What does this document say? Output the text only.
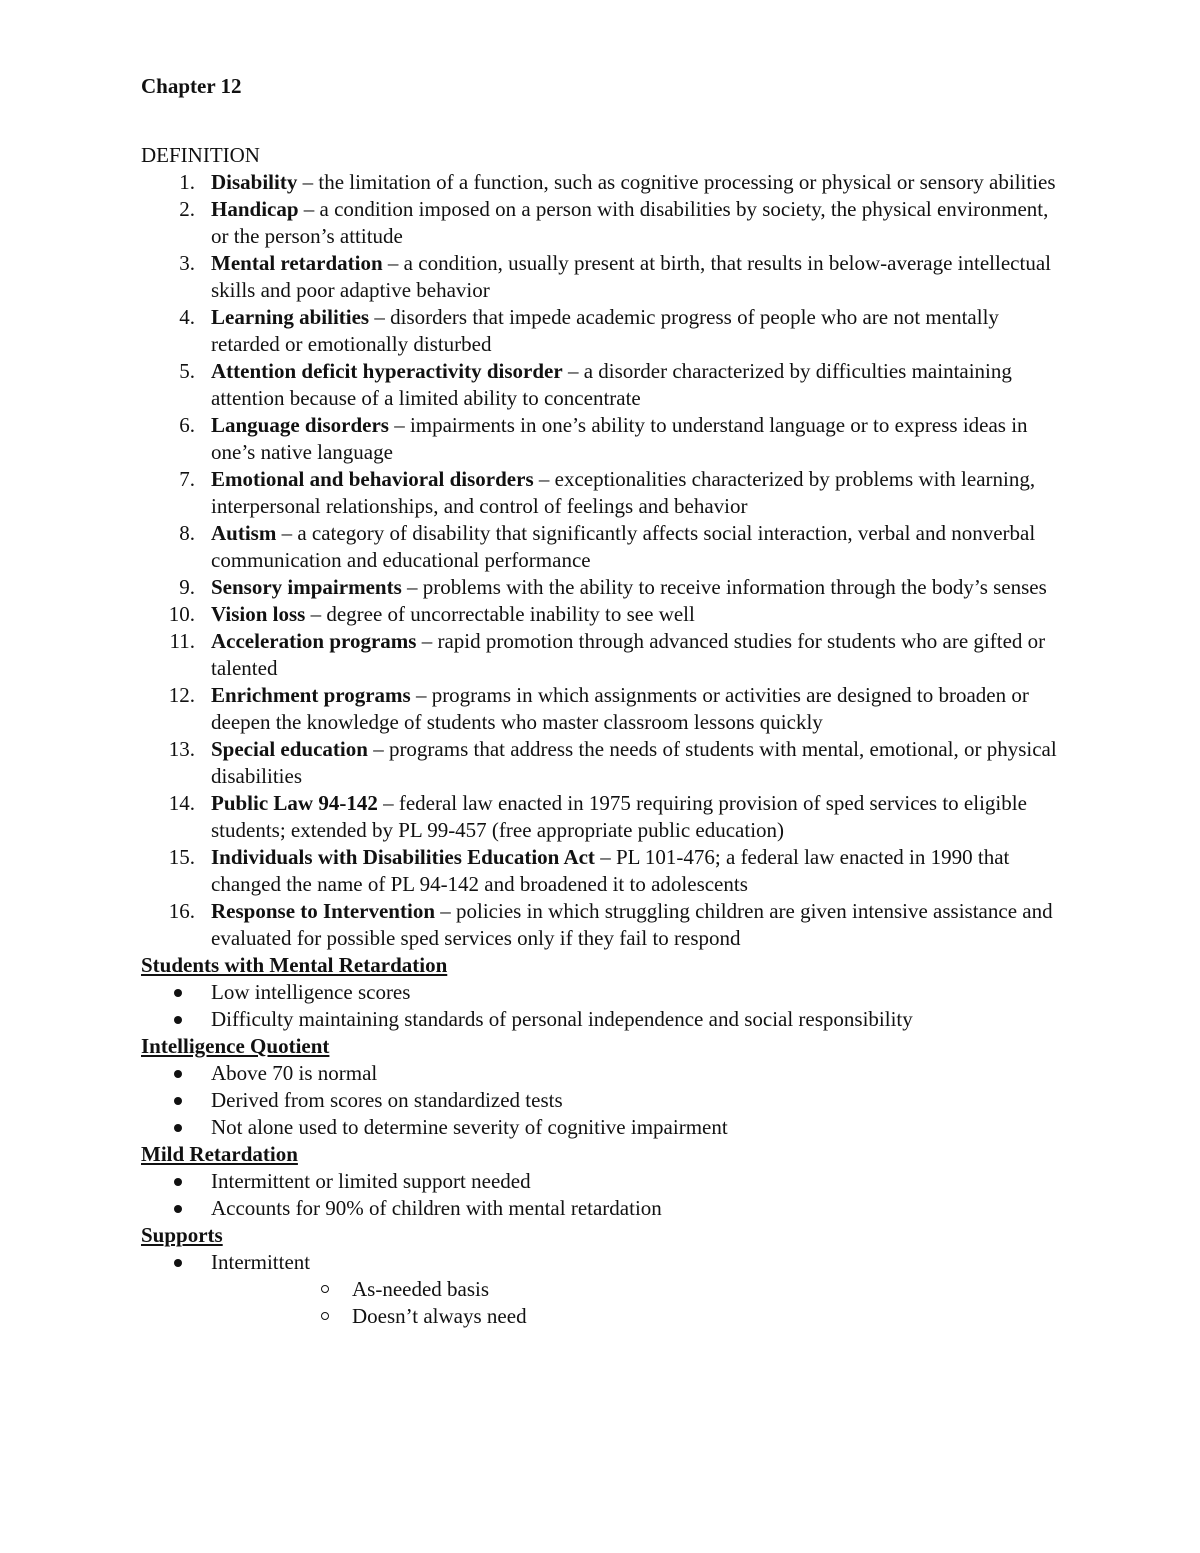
Chapter 12

DEFINITION

1. Disability – the limitation of a function, such as cognitive processing or physical or sensory abilities
2. Handicap – a condition imposed on a person with disabilities by society, the physical environment, or the person’s attitude
3. Mental retardation – a condition, usually present at birth, that results in below-average intellectual skills and poor adaptive behavior
4. Learning abilities – disorders that impede academic progress of people who are not mentally retarded or emotionally disturbed
5. Attention deficit hyperactivity disorder – a disorder characterized by difficulties maintaining attention because of a limited ability to concentrate
6. Language disorders – impairments in one’s ability to understand language or to express ideas in one’s native language
7. Emotional and behavioral disorders – exceptionalities characterized by problems with learning, interpersonal relationships, and control of feelings and behavior
8. Autism – a category of disability that significantly affects social interaction, verbal and nonverbal communication and educational performance
9. Sensory impairments – problems with the ability to receive information through the body’s senses
10. Vision loss – degree of uncorrectable inability to see well
11. Acceleration programs – rapid promotion through advanced studies for students who are gifted or talented
12. Enrichment programs – programs in which assignments or activities are designed to broaden or deepen the knowledge of students who master classroom lessons quickly
13. Special education – programs that address the needs of students with mental, emotional, or physical disabilities
14. Public Law 94-142 – federal law enacted in 1975 requiring provision of sped services to eligible students; extended by PL 99-457 (free appropriate public education)
15. Individuals with Disabilities Education Act – PL 101-476; a federal law enacted in 1990 that changed the name of PL 94-142 and broadened it to adolescents
16. Response to Intervention – policies in which struggling children are given intensive assistance and evaluated for possible sped services only if they fail to respond

Students with Mental Retardation

Low intelligence scores
Difficulty maintaining standards of personal independence and social responsibility

Intelligence Quotient

Above 70 is normal
Derived from scores on standardized tests
Not alone used to determine severity of cognitive impairment

Mild Retardation

Intermittent or limited support needed
Accounts for 90% of children with mental retardation

Supports

Intermittent
As-needed basis
Doesn’t always need
